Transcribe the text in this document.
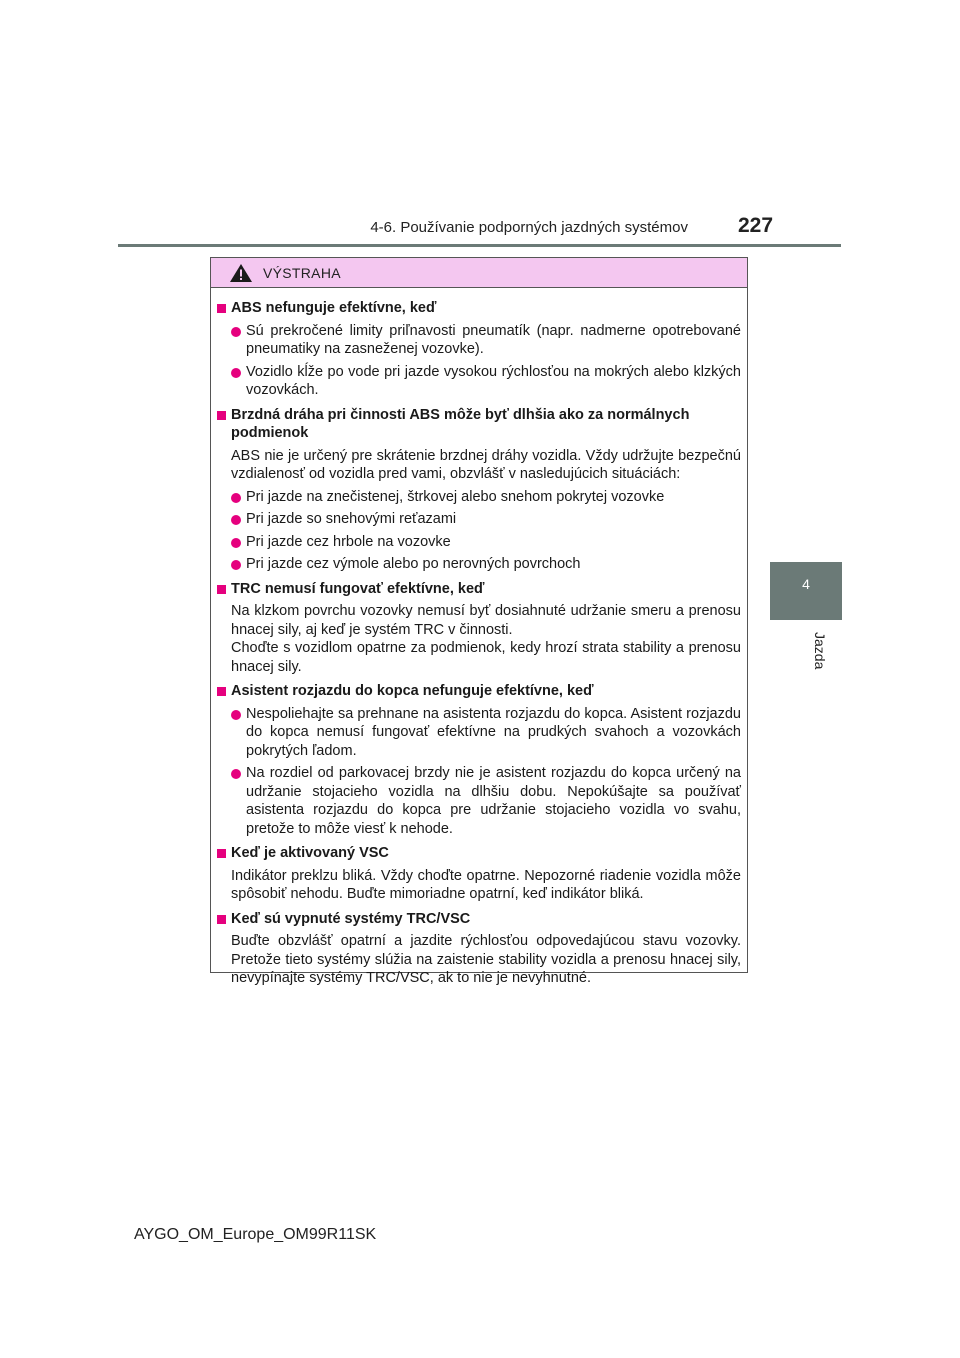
4-6. Používanie podporných jazdných systémov 227
4
Jazda
VÝSTRAHA
ABS nefunguje efektívne, keď
Sú prekročené limity priľnavosti pneumatík (napr. nadmerne opotrebované pneumatiky na zasneženej vozovke).
Vozidlo kĺže po vode pri jazde vysokou rýchlosťou na mokrých alebo klzkých vozovkách.
Brzdná dráha pri činnosti ABS môže byť dlhšia ako za normálnych podmienok
ABS nie je určený pre skrátenie brzdnej dráhy vozidla. Vždy udržujte bezpečnú vzdialenosť od vozidla pred vami, obzvlášť v nasledujúcich situáciách:
Pri jazde na znečistenej, štrkovej alebo snehom pokrytej vozovke
Pri jazde so snehovými reťazami
Pri jazde cez hrbole na vozovke
Pri jazde cez výmole alebo po nerovných povrchoch
TRC nemusí fungovať efektívne, keď
Na klzkom povrchu vozovky nemusí byť dosiahnuté udržanie smeru a prenosu hnacej sily, aj keď je systém TRC v činnosti.
Choďte s vozidlom opatrne za podmienok, kedy hrozí strata stability a prenosu hnacej sily.
Asistent rozjazdu do kopca nefunguje efektívne, keď
Nespoliehajte sa prehnane na asistenta rozjazdu do kopca. Asistent rozjazdu do kopca nemusí fungovať efektívne na prudkých svahoch a vozovkách pokrytých ľadom.
Na rozdiel od parkovacej brzdy nie je asistent rozjazdu do kopca určený na udržanie stojacieho vozidla na dlhšiu dobu. Nepokúšajte sa používať asistenta rozjazdu do kopca pre udržanie stojacieho vozidla vo svahu, pretože to môže viesť k nehode.
Keď je aktivovaný VSC
Indikátor preklzu bliká. Vždy choďte opatrne. Nepozorné riadenie vozidla môže spôsobiť nehodu. Buďte mimoriadne opatrní, keď indikátor bliká.
Keď sú vypnuté systémy TRC/VSC
Buďte obzvlášť opatrní a jazdite rýchlosťou odpovedajúcou stavu vozovky. Pretože tieto systémy slúžia na zaistenie stability vozidla a prenosu hnacej sily, nevypínajte systémy TRC/VSC, ak to nie je nevyhnutné.
AYGO_OM_Europe_OM99R11SK
